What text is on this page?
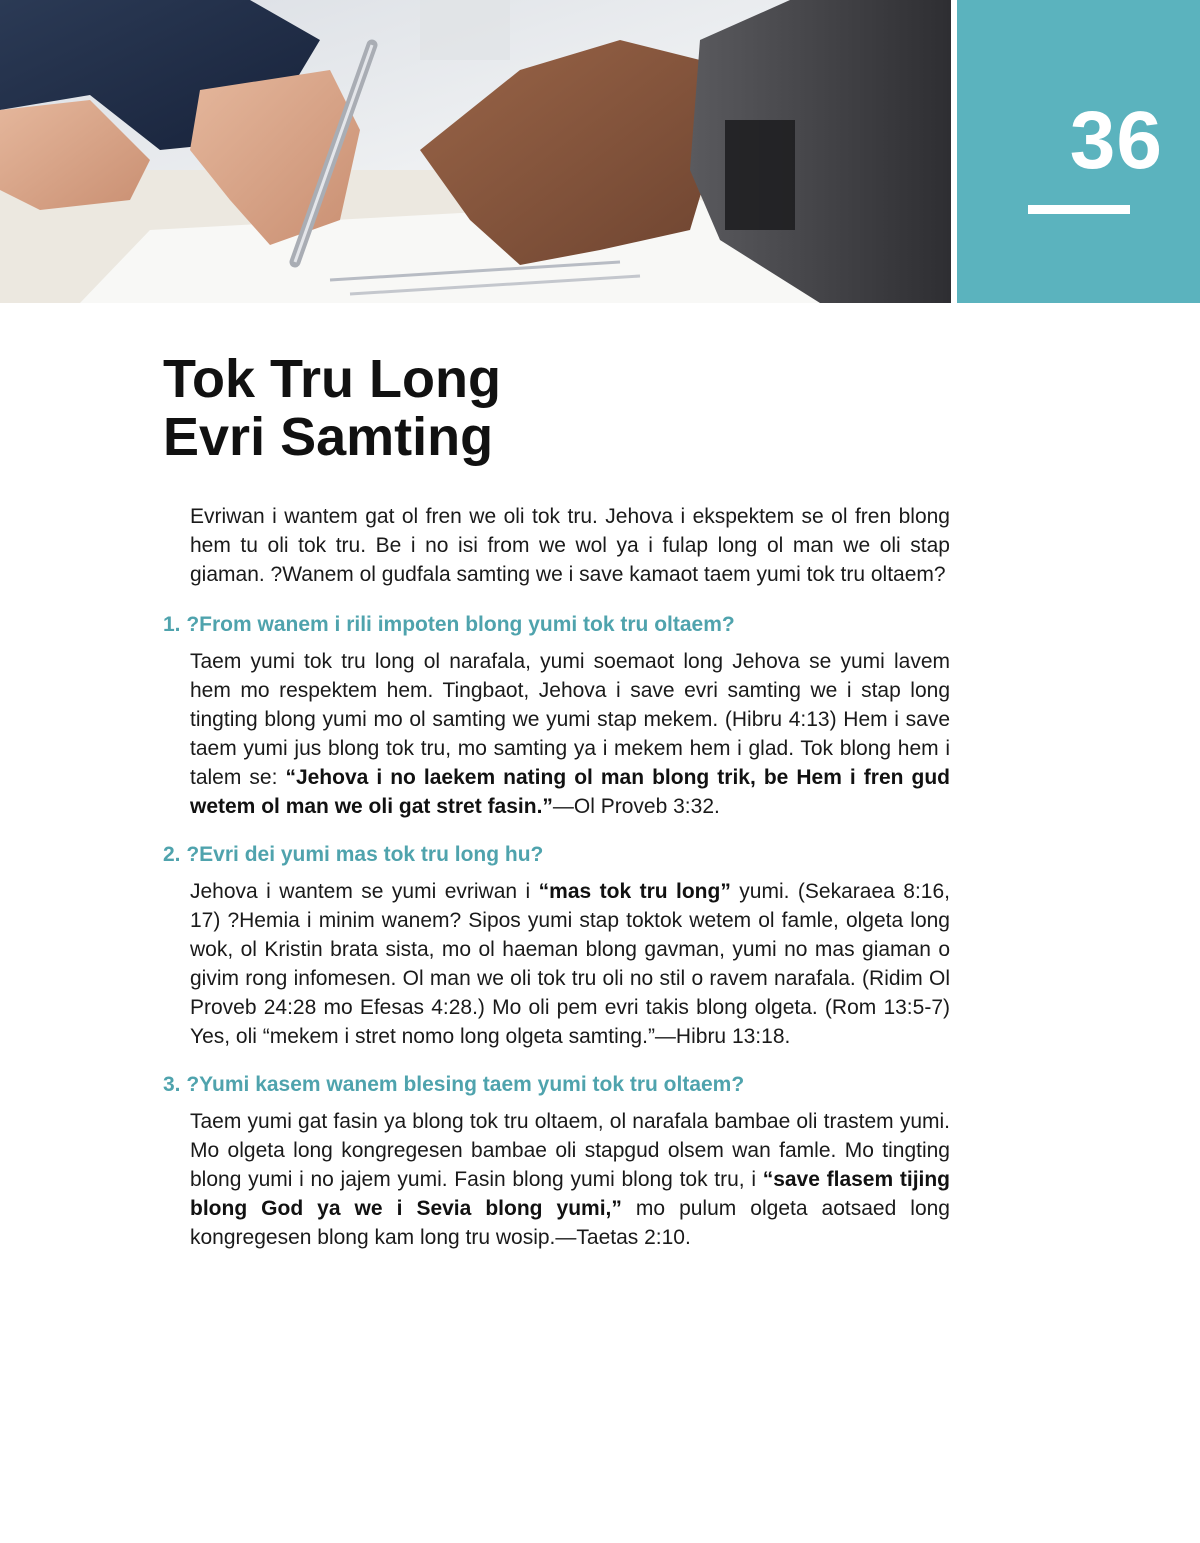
36
Tok Tru Long
Evri Samting

Evriwan i wantem gat ol fren we oli tok tru. Jehova i ekspektem se ol fren blong hem tu oli tok tru. Be i no isi from we wol ya i fulap long ol man we oli stap giaman. ?Wanem ol gudfala samting we i save kamaot taem yumi tok tru oltaem?

1. ?From wanem i rili impoten blong yumi tok tru oltaem?

Taem yumi tok tru long ol narafala, yumi soemaot long Jehova se yumi lavem hem mo respektem hem. Tingbaot, Jehova i save evri samting we i stap long tingting blong yumi mo ol samting we yumi stap mekem. (Hibru 4:13) Hem i save taem yumi jus blong tok tru, mo samting ya i mekem hem i glad. Tok blong hem i talem se: “Jehova i no laekem nating ol man blong trik, be Hem i fren gud wetem ol man we oli gat stret fasin.”—Ol Proveb 3:32.

2. ?Evri dei yumi mas tok tru long hu?

Jehova i wantem se yumi evriwan i “mas tok tru long” yumi. (Sekaraea 8:16, 17) ?Hemia i minim wanem? Sipos yumi stap toktok wetem ol famle, olgeta long wok, ol Kristin brata sista, mo ol haeman blong gavman, yumi no mas giaman o givim rong infomesen. Ol man we oli tok tru oli no stil o ravem narafala. (Ridim Ol Proveb 24:28 mo Efesas 4:28.) Mo oli pem evri takis blong olgeta. (Rom 13:5-7) Yes, oli “mekem i stret nomo long olgeta samting.”—Hibru 13:18.

3. ?Yumi kasem wanem blesing taem yumi tok tru oltaem?

Taem yumi gat fasin ya blong tok tru oltaem, ol narafala bambae oli trastem yumi. Mo olgeta long kongregesen bambae oli stapgud olsem wan famle. Mo tingting blong yumi i no jajem yumi. Fasin blong yumi blong tok tru, i “save flasem tijing blong God ya we i Sevia blong yumi,” mo pulum olgeta aotsaed long kongregesen blong kam long tru wosip.—Taetas 2:10.
